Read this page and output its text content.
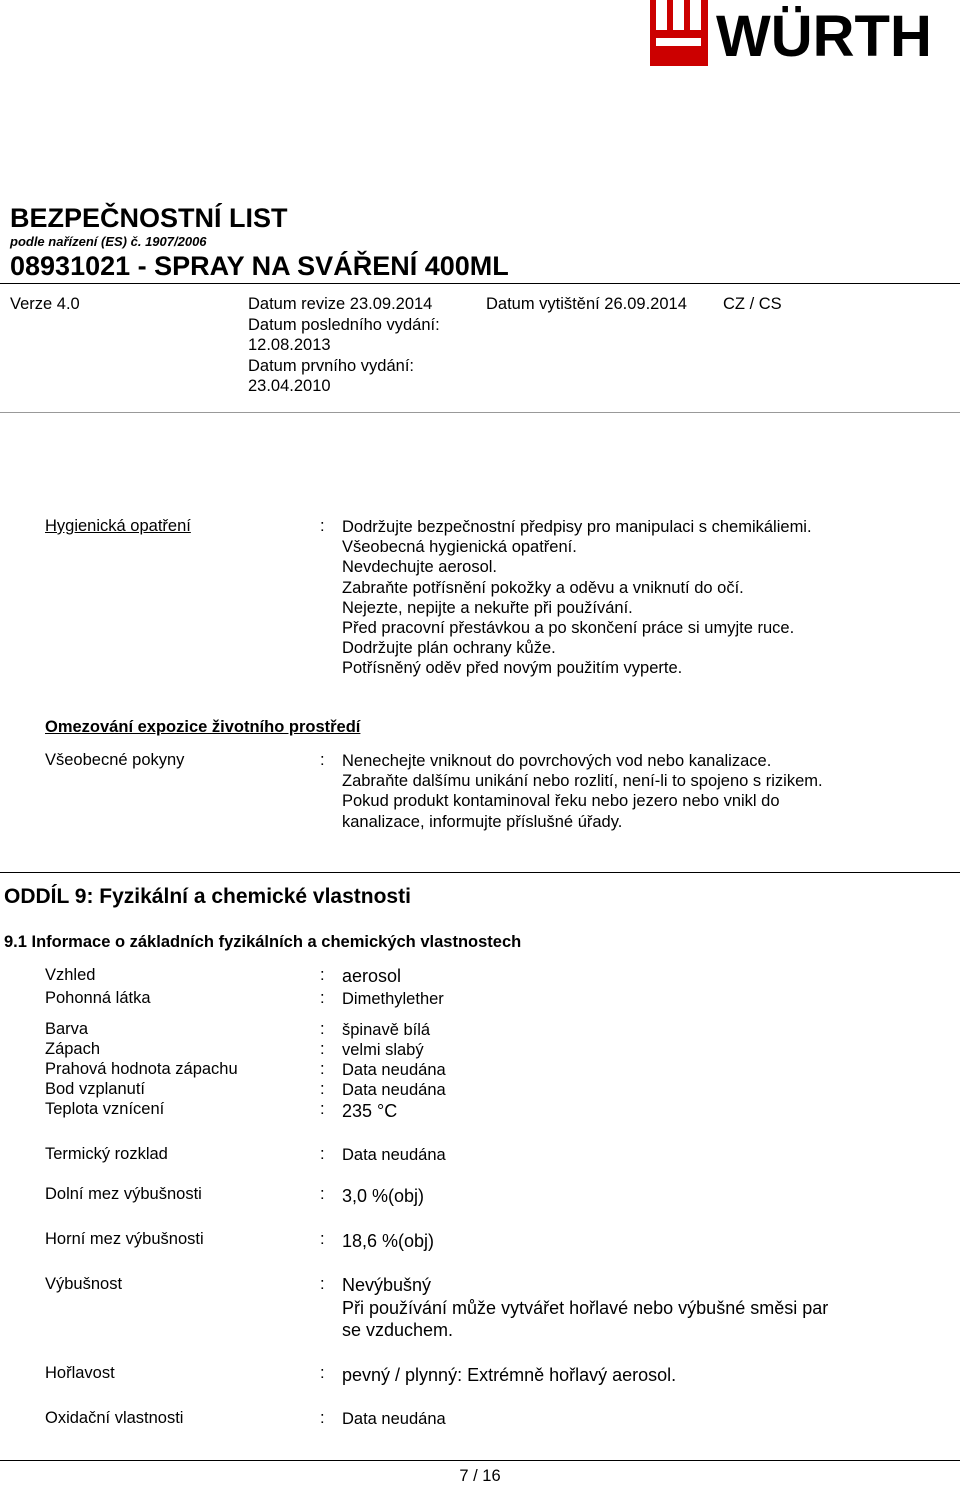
WÜRTH
BEZPEČNOSTNÍ LIST
podle nařízení (ES) č. 1907/2006
08931021 - SPRAY NA SVÁŘENÍ 400ML
Verze 4.0	Datum revize 23.09.2014
Datum posledního vydání:
12.08.2013
Datum prvního vydání:
23.04.2010
Datum vytištění 26.09.2014 CZ / CS
Hygienická opatření	: Dodržujte bezpečnostní předpisy pro manipulaci s chemikáliemi.
Všeobecná hygienická opatření.
Nevdechujte aerosol.
Zabraňte potřísnění pokožky a oděvu a vniknutí do očí.
Nejezte, nepijte a nekuřte při používání.
Před pracovní přestávkou a po skončení práce si umyjte ruce.
Dodržujte plán ochrany kůže.
Potřísněný oděv před novým použitím vyperte.
Omezování expozice životního prostředí
Všeobecné pokyny	: Nenechejte vniknout do povrchových vod nebo kanalizace.
Zabraňte dalšímu unikání nebo rozlití, není-li to spojeno s rizikem.
Pokud produkt kontaminoval řeku nebo jezero nebo vnikl do
kanalizace, informujte příslušné úřady.
ODDÍL 9: Fyzikální a chemické vlastnosti
9.1 Informace o základních fyzikálních a chemických vlastnostech
Vzhled	: aerosol
Pohonná látka	: Dimethylether
Barva	: špinavě bílá
Zápach	: velmi slabý
Prahová hodnota zápachu	: Data neudána
Bod vzplanutí	: Data neudána
Teplota vznícení	: 235 °C
Termický rozklad	: Data neudána
Dolní mez výbušnosti	: 3,0 %(obj)
Horní mez výbušnosti	: 18,6 %(obj)
Výbušnost	: Nevýbušný
Při používání může vytvářet hořlavé nebo výbušné směsi par
se vzduchem.
Hořlavost	: pevný / plynný: Extrémně hořlavý aerosol.
Oxidační vlastnosti	: Data neudána
7 / 16
